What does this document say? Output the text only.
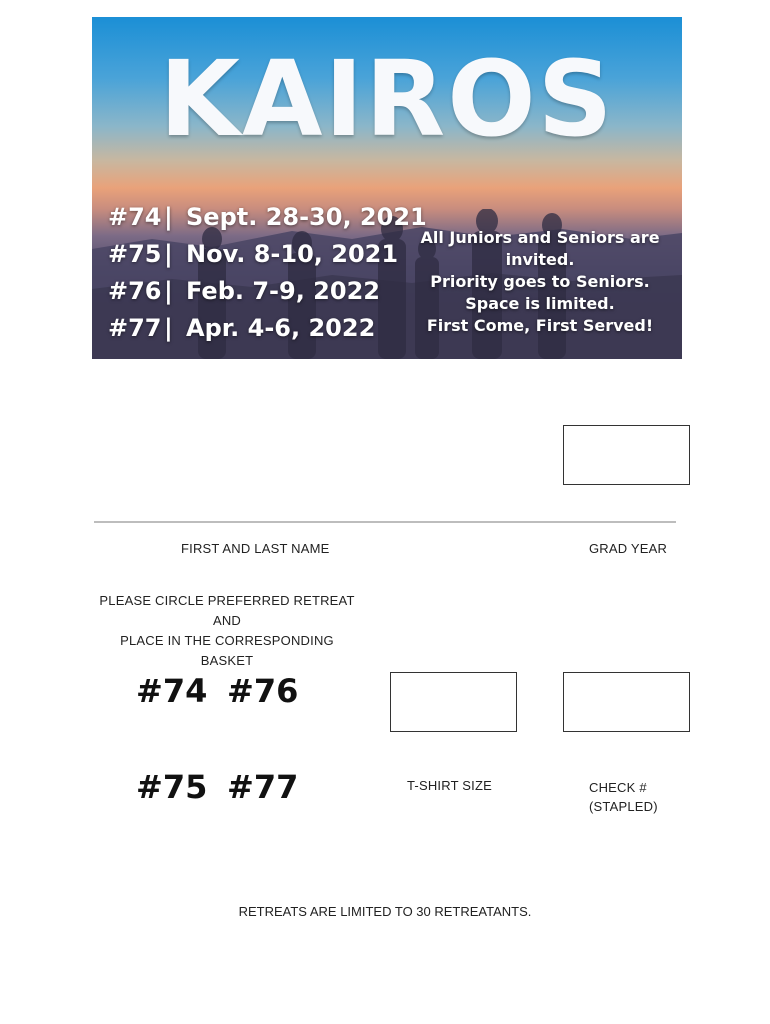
KAIROS
#74 | Sept. 28-30, 2021
#75 | Nov. 8-10, 2021
#76 | Feb. 7-9, 2022
#77 | Apr. 4-6, 2022
All Juniors and Seniors are
invited.
Priority goes to Seniors.
Space is limited.
First Come, First Served!
FIRST AND LAST NAME	GRAD YEAR
PLEASE CIRCLE PREFERRED RETREAT AND
PLACE IN THE CORRESPONDING BASKET
#74 #76
#75 #77	T-SHIRT SIZE	CHECK #
(STAPLED)
RETREATS ARE LIMITED TO 30 RETREATANTS.
